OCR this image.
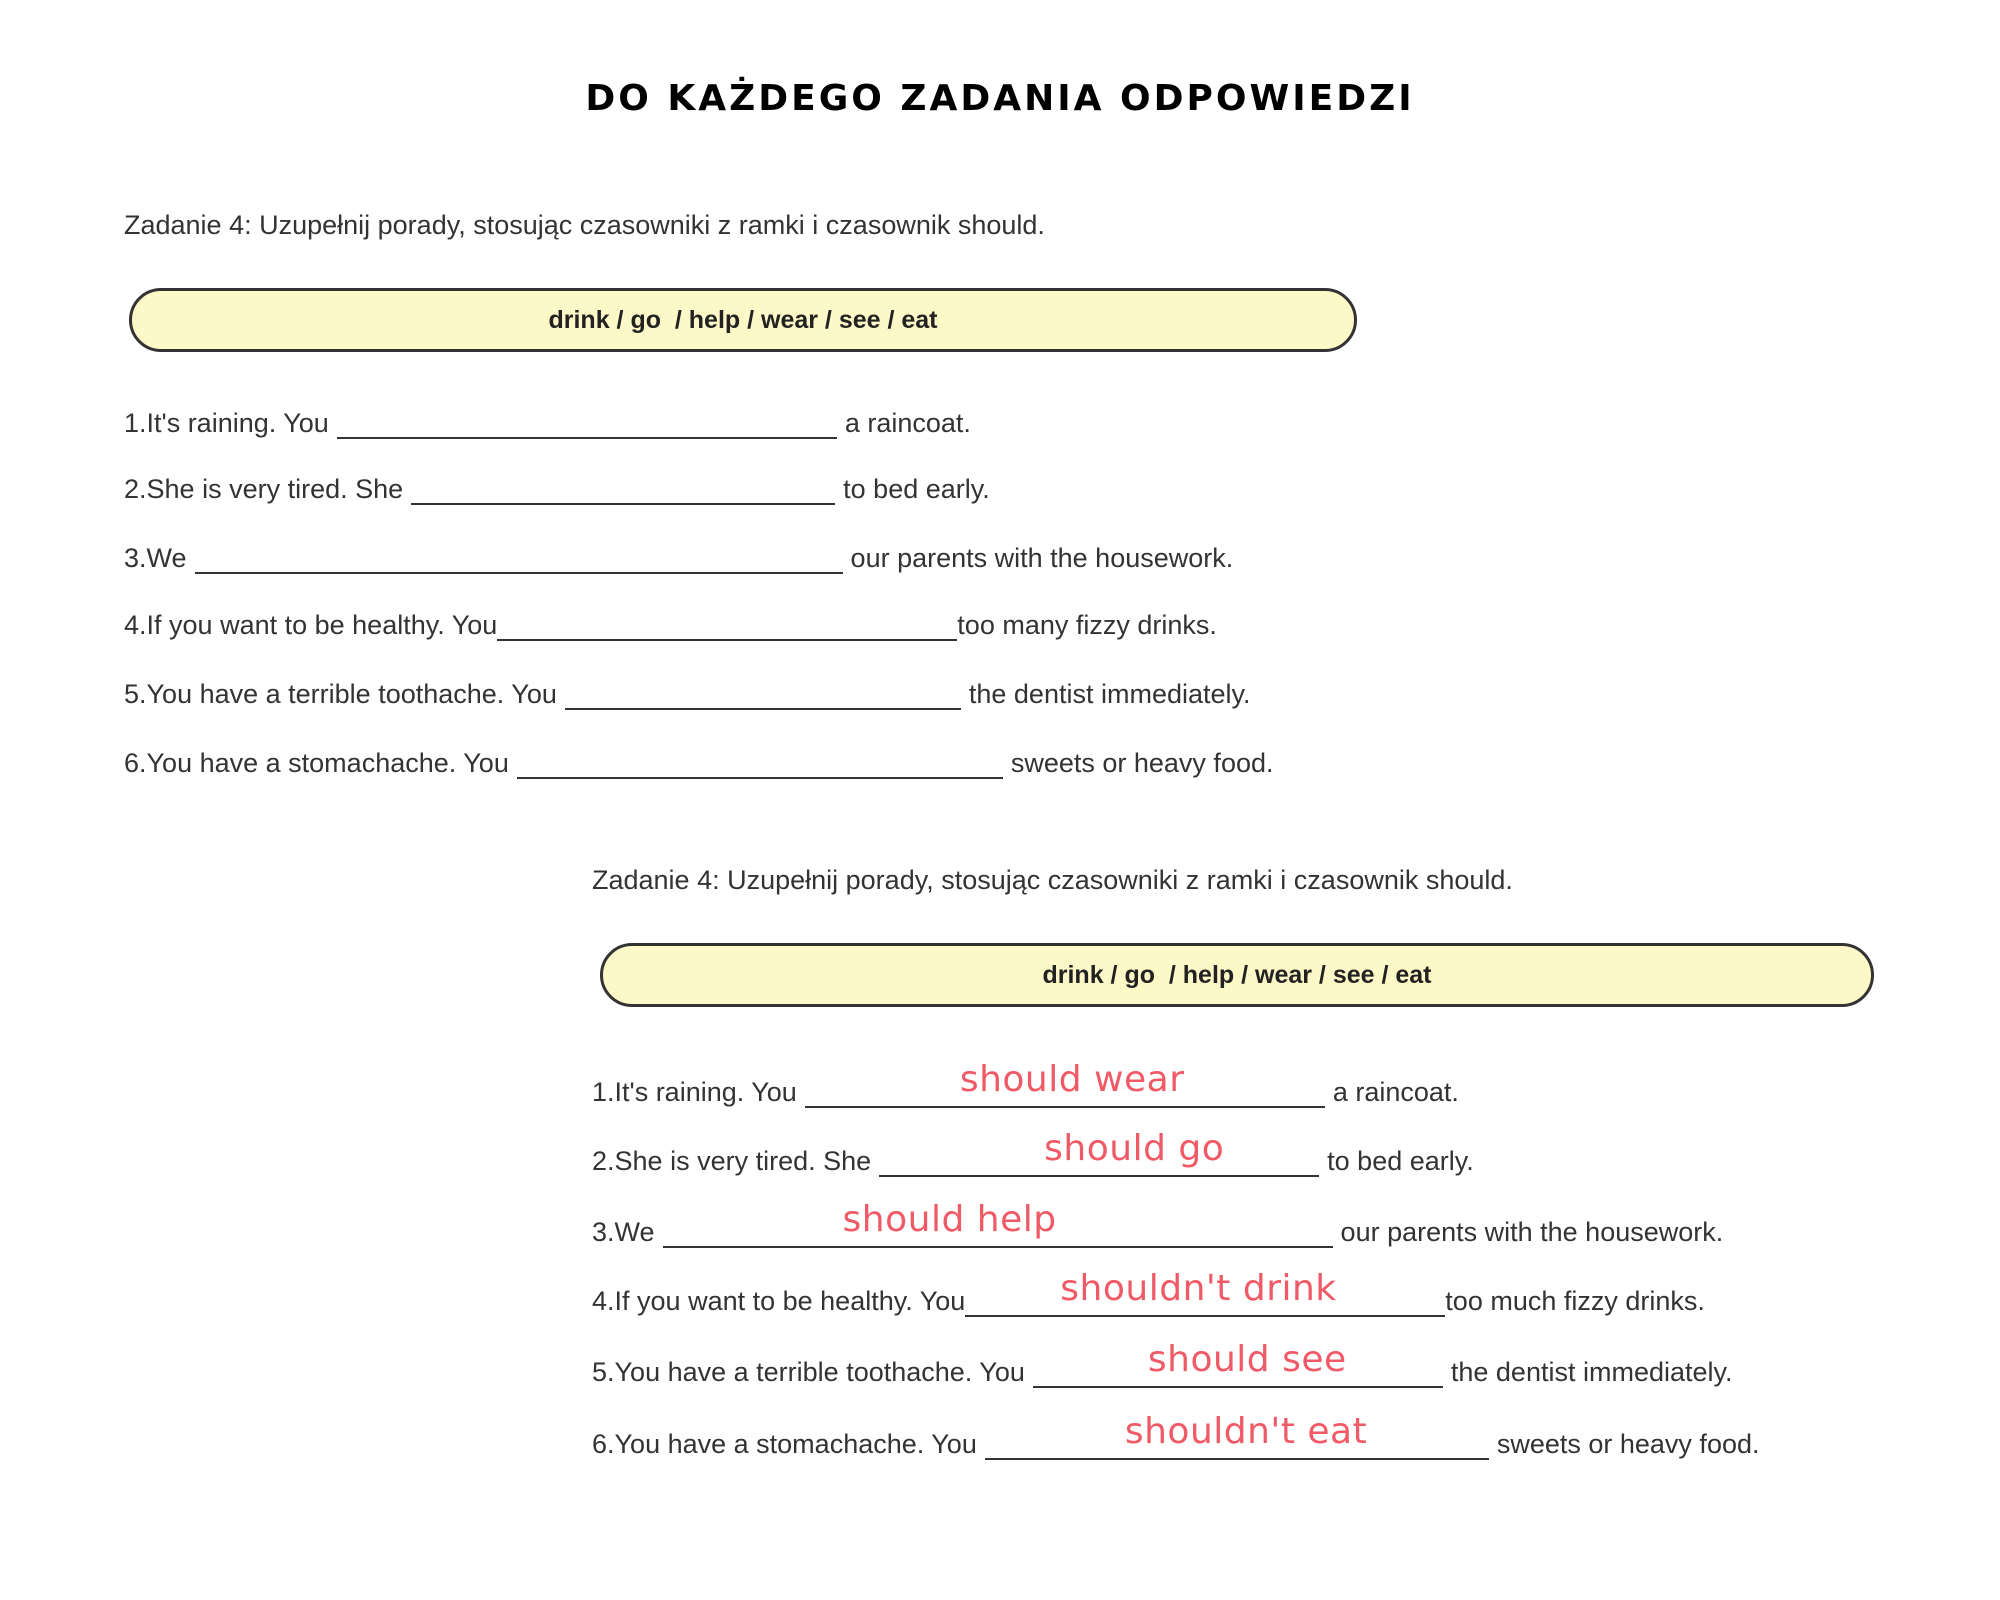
DO KAŻDEGO ZADANIA ODPOWIEDZI
Zadanie 4: Uzupełnij porady, stosując czasowniki z ramki i czasownik should.
drink / go  / help / wear / see / eat
1. It's raining. You	a raincoat.
2. She is very tired. She	to bed early.
3. We	our parents with the housework.
4. If you want to be healthy. You	too many fizzy drinks.
5. You have a terrible toothache. You	the dentist immediately.
6. You have a stomachache. You	sweets or heavy food.
Zadanie 4: Uzupełnij porady, stosując czasowniki z ramki i czasownik should.
drink / go  / help / wear / see / eat
1. It's raining. You	should wear	a raincoat.
2. She is very tired. She	should go	to bed early.
3. We	should help	our parents with the housework.
4. If you want to be healthy. You	shouldn't drink	too much fizzy drinks.
5. You have a terrible toothache. You	should see	the dentist immediately.
6. You have a stomachache. You	shouldn't eat	sweets or heavy food.
